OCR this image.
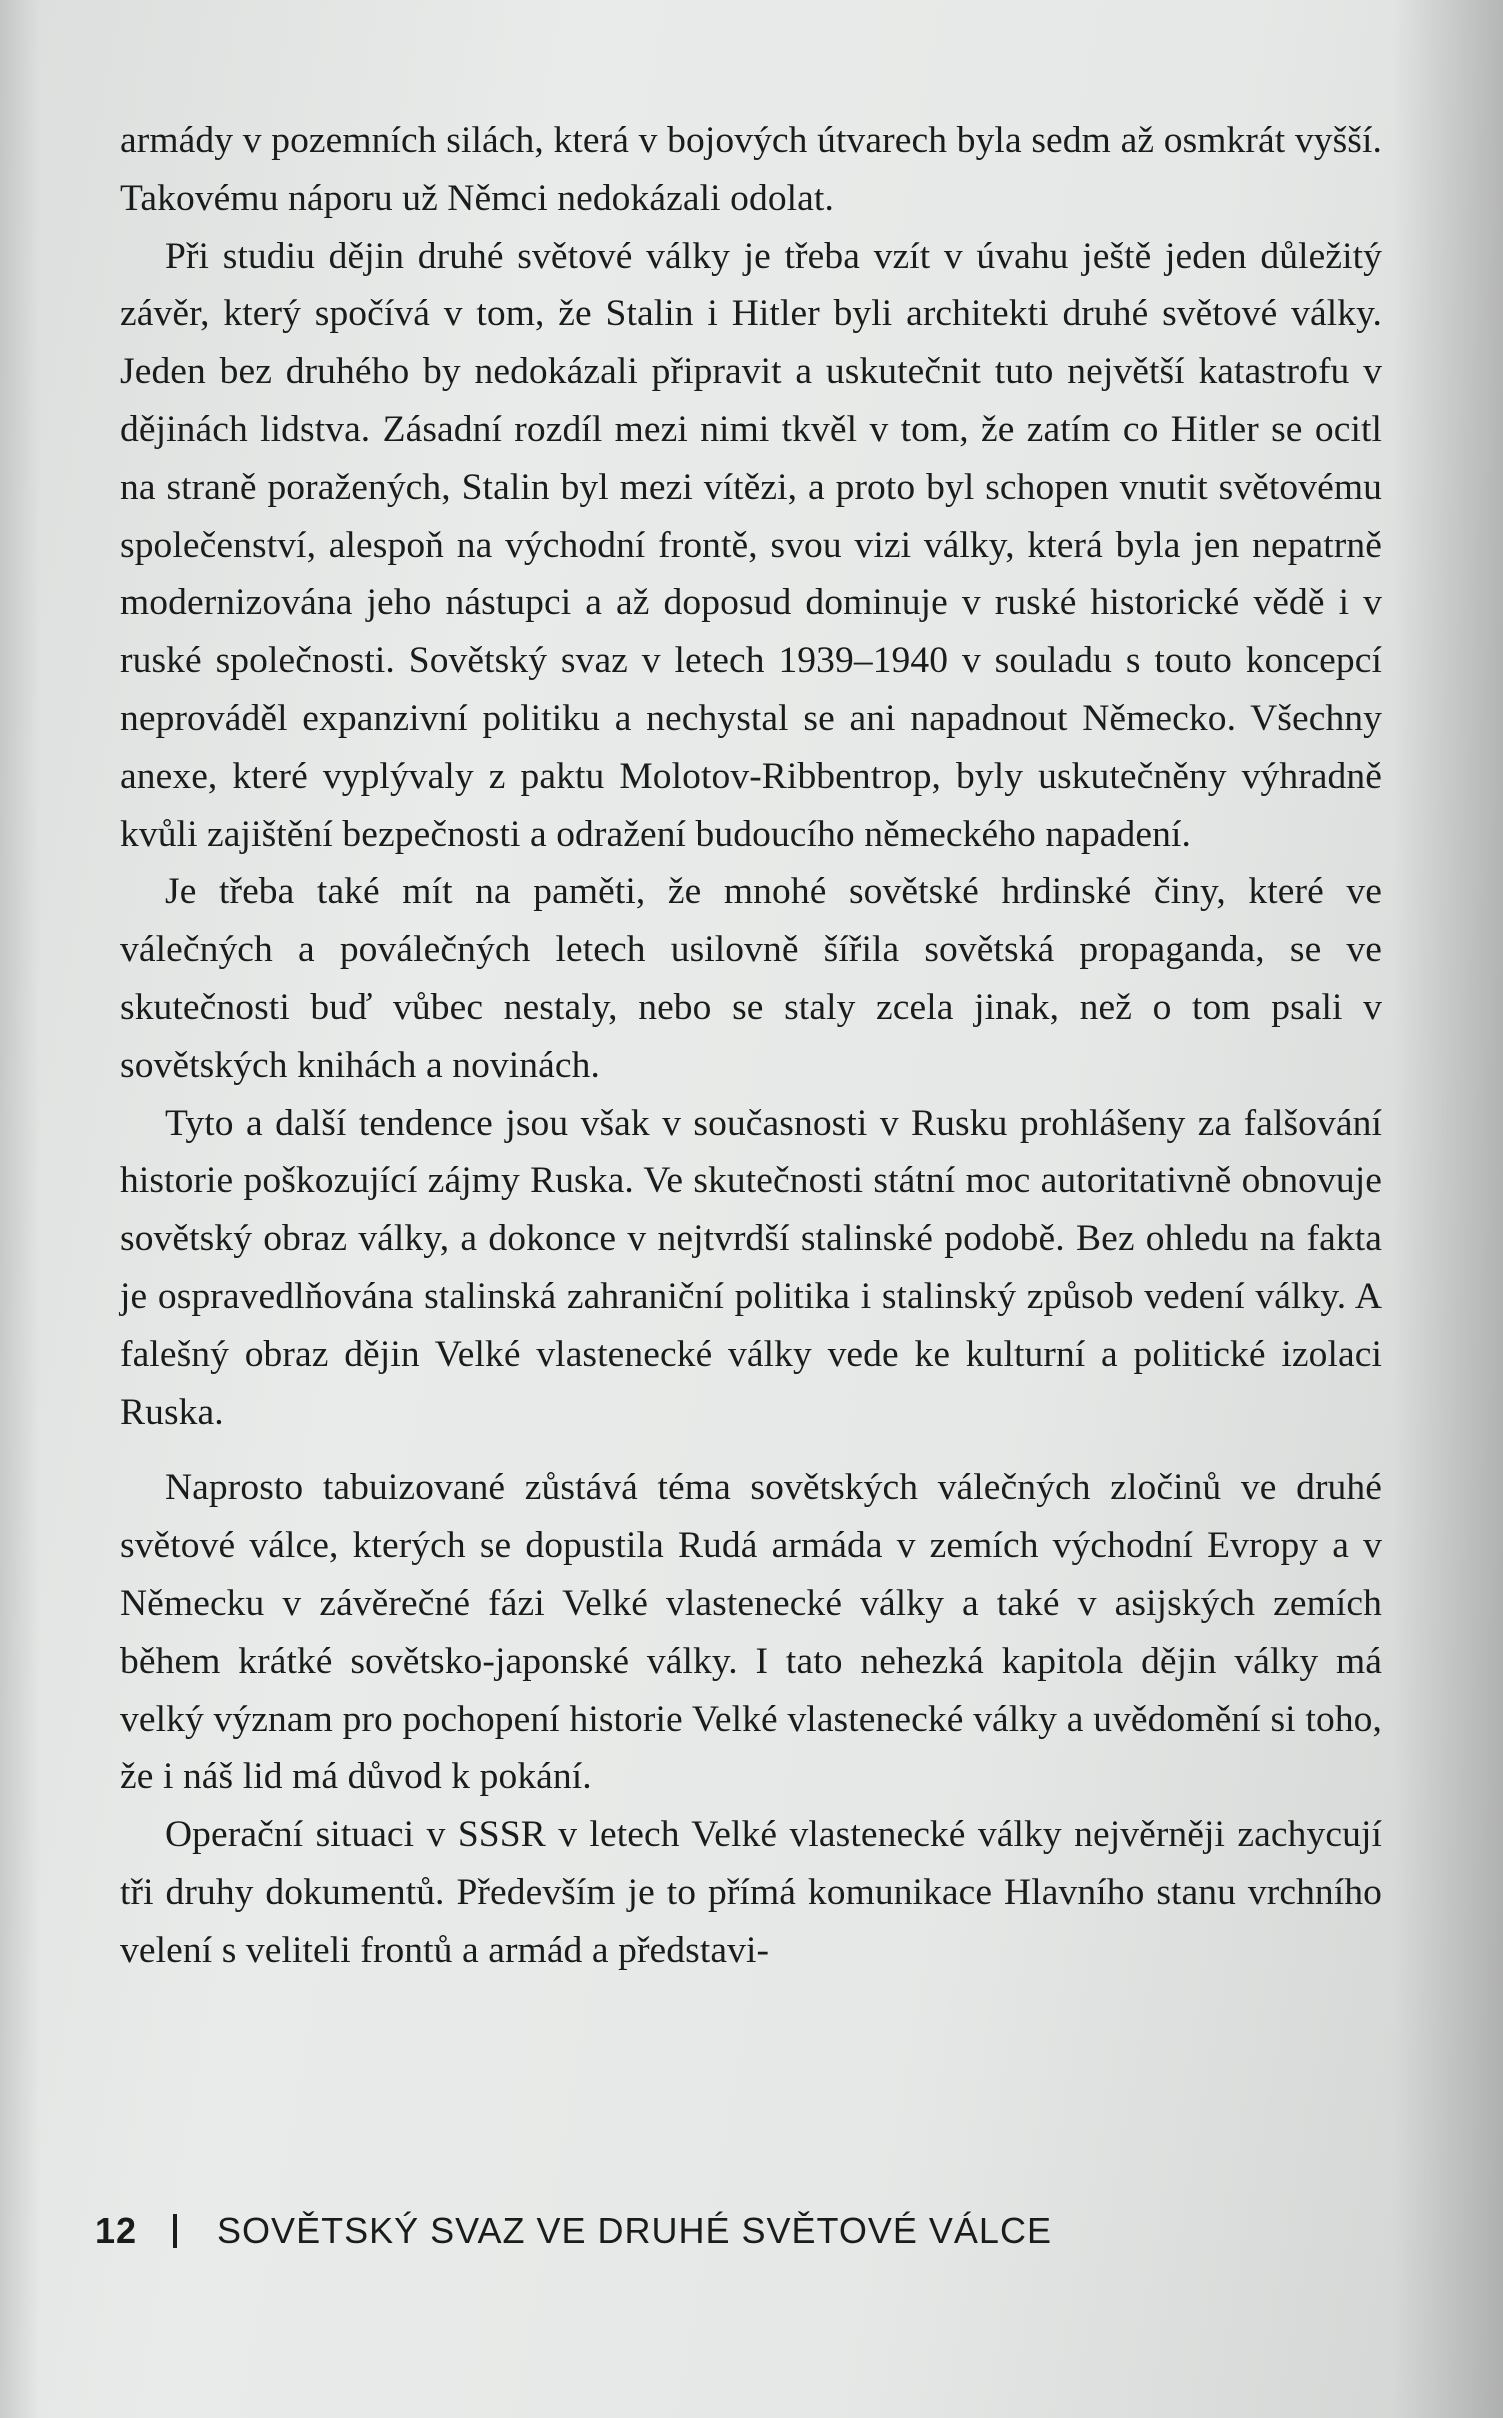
armády v pozemních silách, která v bojových útvarech byla sedm až osmkrát vyšší. Takovému náporu už Němci nedokázali odolat.

Při studiu dějin druhé světové války je třeba vzít v úvahu ještě jeden důležitý závěr, který spočívá v tom, že Stalin i Hitler byli architekti druhé světové války. Jeden bez druhého by nedokázali připravit a uskutečnit tuto největší katastrofu v dějinách lidstva. Zásadní rozdíl mezi nimi tkvěl v tom, že zatím co Hitler se ocitl na straně poražených, Stalin byl mezi vítězi, a proto byl schopen vnutit světovému společenství, alespoň na východní frontě, svou vizi války, která byla jen nepatrně modernizována jeho nástupci a až doposud dominuje v ruské historické vědě i v ruské společnosti. Sovětský svaz v letech 1939–1940 v souladu s touto koncepcí neprováděl expanzivní politiku a nechystal se ani napadnout Německo. Všechny anexe, které vyplývaly z paktu Molotov-Ribbentrop, byly uskutečněny výhradně kvůli zajištění bezpečnosti a odražení budoucího německého napadení.

Je třeba také mít na paměti, že mnohé sovětské hrdinské činy, které ve válečných a poválečných letech usilovně šířila sovětská propaganda, se ve skutečnosti buď vůbec nestaly, nebo se staly zcela jinak, než o tom psali v sovětských knihách a novinách.

Tyto a další tendence jsou však v současnosti v Rusku prohlášeny za falšování historie poškozující zájmy Ruska. Ve skutečnosti státní moc autoritativně obnovuje sovětský obraz války, a dokonce v nejtvrdší stalinské podobě. Bez ohledu na fakta je ospravedlňována stalinská zahraniční politika i stalinský způsob vedení války. A falešný obraz dějin Velké vlastenecké války vede ke kulturní a politické izolaci Ruska.

Naprosto tabuizované zůstává téma sovětských válečných zločinů ve druhé světové válce, kterých se dopustila Rudá armáda v zemích východní Evropy a v Německu v závěrečné fázi Velké vlastenecké války a také v asijských zemích během krátké sovětsko-japonské války. I tato nehezká kapitola dějin války má velký význam pro pochopení historie Velké vlastenecké války a uvědomění si toho, že i náš lid má důvod k pokání.

Operační situaci v SSSR v letech Velké vlastenecké války nejvěrněji zachycují tři druhy dokumentů. Především je to přímá komunikace Hlavního stanu vrchního velení s veliteli frontů a armád a představi-

12 SOVĚTSKÝ SVAZ VE DRUHÉ SVĚTOVÉ VÁLCE
